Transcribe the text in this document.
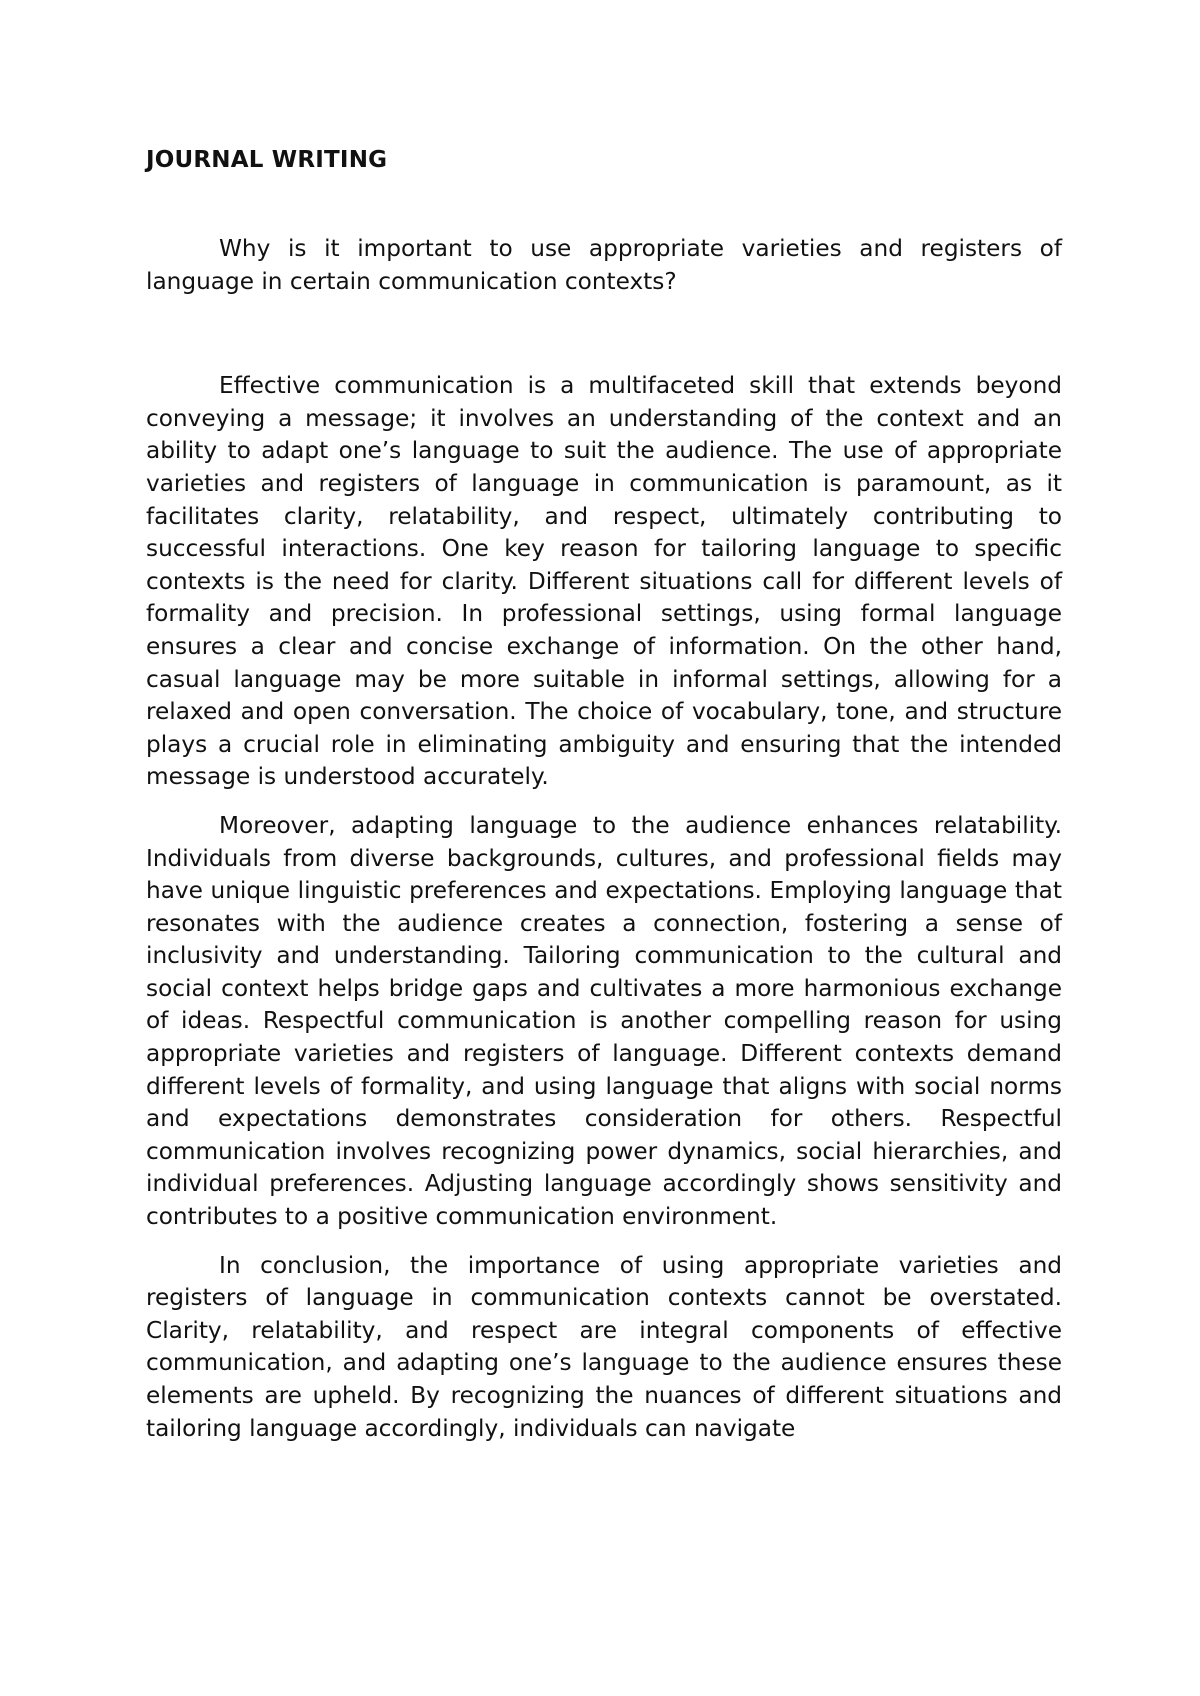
JOURNAL WRITING

Why is it important to use appropriate varieties and registers of language in certain communication contexts?

Effective communication is a multifaceted skill that extends beyond conveying a message; it involves an understanding of the context and an ability to adapt one’s language to suit the audience. The use of appropriate varieties and registers of language in communication is paramount, as it facilitates clarity, relatability, and respect, ultimately contributing to successful interactions. One key reason for tailoring language to specific contexts is the need for clarity. Different situations call for different levels of formality and precision. In professional settings, using formal language ensures a clear and concise exchange of information. On the other hand, casual language may be more suitable in informal settings, allowing for a relaxed and open conversation. The choice of vocabulary, tone, and structure plays a crucial role in eliminating ambiguity and ensuring that the intended message is understood accurately.

Moreover, adapting language to the audience enhances relatability. Individuals from diverse backgrounds, cultures, and professional fields may have unique linguistic preferences and expectations. Employing language that resonates with the audience creates a connection, fostering a sense of inclusivity and understanding. Tailoring communication to the cultural and social context helps bridge gaps and cultivates a more harmonious exchange of ideas. Respectful communication is another compelling reason for using appropriate varieties and registers of language. Different contexts demand different levels of formality, and using language that aligns with social norms and expectations demonstrates consideration for others. Respectful communication involves recognizing power dynamics, social hierarchies, and individual preferences. Adjusting language accordingly shows sensitivity and contributes to a positive communication environment.

In conclusion, the importance of using appropriate varieties and registers of language in communication contexts cannot be overstated. Clarity, relatability, and respect are integral components of effective communication, and adapting one’s language to the audience ensures these elements are upheld. By recognizing the nuances of different situations and tailoring language accordingly, individuals can navigate
